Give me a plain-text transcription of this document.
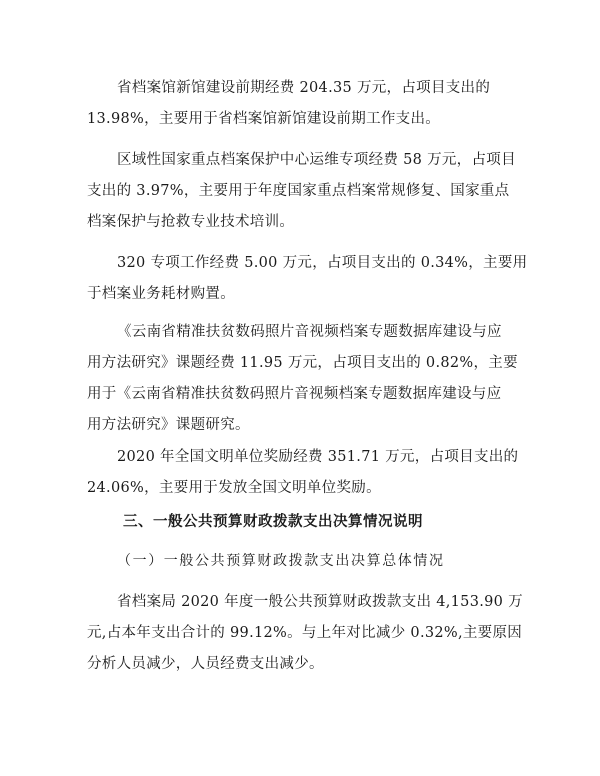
省档案馆新馆建设前期经费 204.35 万元，占项目支出的
13.98%，主要用于省档案馆新馆建设前期工作支出。
区域性国家重点档案保护中心运维专项经费 58 万元，占项目
支出的 3.97%，主要用于年度国家重点档案常规修复、国家重点
档案保护与抢救专业技术培训。
320 专项工作经费 5.00 万元，占项目支出的 0.34%，主要用
于档案业务耗材购置。
《云南省精准扶贫数码照片音视频档案专题数据库建设与应
用方法研究》课题经费 11.95 万元，占项目支出的 0.82%，主要
用于《云南省精准扶贫数码照片音视频档案专题数据库建设与应
用方法研究》课题研究。
2020 年全国文明单位奖励经费 351.71 万元，占项目支出的
24.06%，主要用于发放全国文明单位奖励。
三、一般公共预算财政拨款支出决算情况说明
（一）一般公共预算财政拨款支出决算总体情况
省档案局 2020 年度一般公共预算财政拨款支出 4,153.90 万
元,占本年支出合计的 99.12%。与上年对比减少 0.32%,主要原因
分析人员减少，人员经费支出减少。
